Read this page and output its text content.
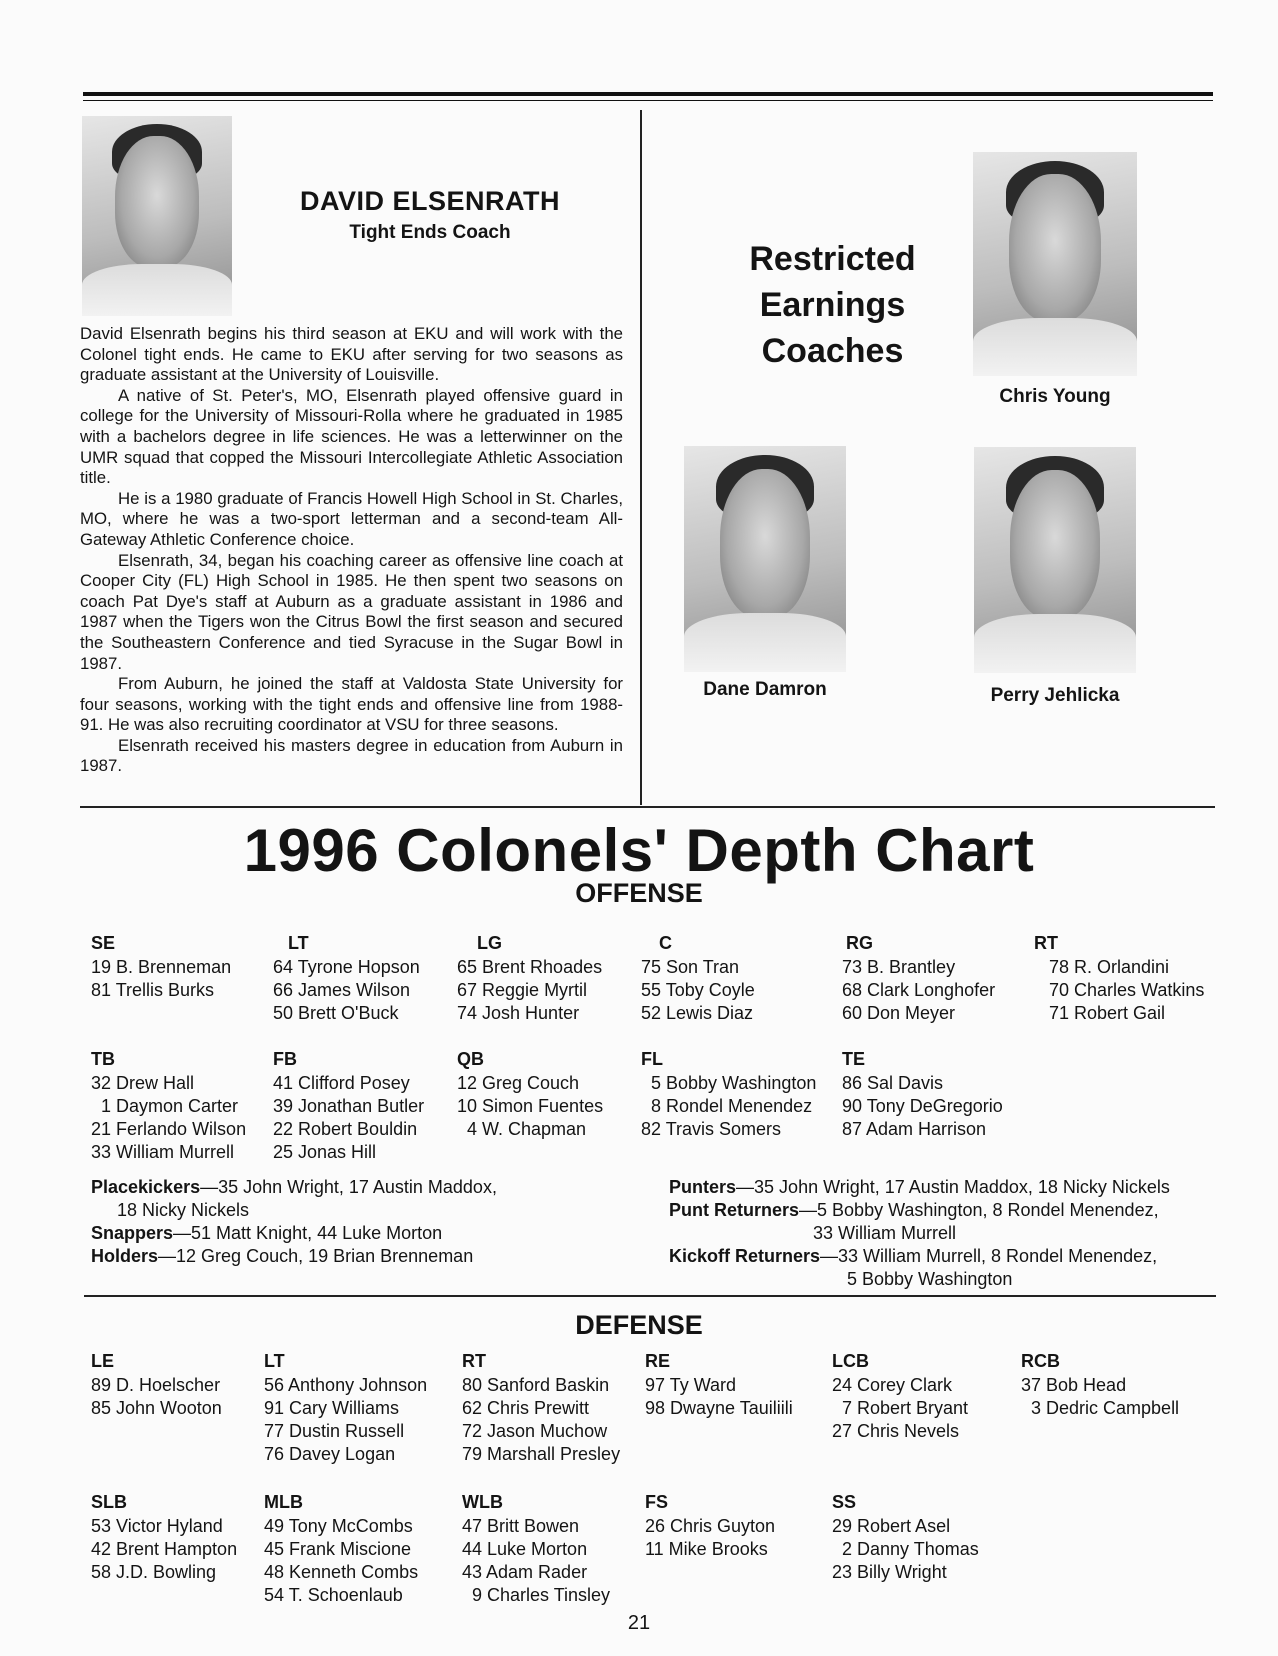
DAVID ELSENRATH
Tight Ends Coach

David Elsenrath begins his third season at EKU and will work with the Colonel tight ends. He came to EKU after serving for two seasons as graduate assistant at the University of Louisville.

A native of St. Peter's, MO, Elsenrath played offensive guard in college for the University of Missouri-Rolla where he graduated in 1985 with a bachelors degree in life sciences. He was a letterwinner on the UMR squad that copped the Missouri Intercollegiate Athletic Association title.

He is a 1980 graduate of Francis Howell High School in St. Charles, MO, where he was a two-sport letterman and a second-team All-Gateway Athletic Conference choice.

Elsenrath, 34, began his coaching career as offensive line coach at Cooper City (FL) High School in 1985. He then spent two seasons on coach Pat Dye's staff at Auburn as a graduate assistant in 1986 and 1987 when the Tigers won the Citrus Bowl the first season and secured the Southeastern Conference and tied Syracuse in the Sugar Bowl in 1987.

From Auburn, he joined the staff at Valdosta State University for four seasons, working with the tight ends and offensive line from 1988-91. He was also recruiting coordinator at VSU for three seasons.

Elsenrath received his masters degree in education from Auburn in 1987.

Restricted Earnings Coaches
Chris Young
Dane Damron	Perry Jehlicka
1996 Colonels' Depth Chart
OFFENSE
SE
19 B. Brenneman
81 Trellis Burks
LT
64 Tyrone Hopson
66 James Wilson
50 Brett O'Buck
LG
65 Brent Rhoades
67 Reggie Myrtil
74 Josh Hunter
C
75 Son Tran
55 Toby Coyle
52 Lewis Diaz
RG
73 B. Brantley
68 Clark Longhofer
60 Don Meyer
RT
78 R. Orlandini
70 Charles Watkins
71 Robert Gail
TB
32 Drew Hall
1 Daymon Carter
21 Ferlando Wilson
33 William Murrell
FB
41 Clifford Posey
39 Jonathan Butler
22 Robert Bouldin
25 Jonas Hill
QB
12 Greg Couch
10 Simon Fuentes
4 W. Chapman
FL
5 Bobby Washington
8 Rondel Menendez
82 Travis Somers
TE
86 Sal Davis
90 Tony DeGregorio
87 Adam Harrison
Placekickers—35 John Wright, 17 Austin Maddox,
18 Nicky Nickels
Snappers—51 Matt Knight, 44 Luke Morton
Holders—12 Greg Couch, 19 Brian Brenneman
Punters—35 John Wright, 17 Austin Maddox, 18 Nicky Nickels
Punt Returners—5 Bobby Washington, 8 Rondel Menendez,
33 William Murrell
Kickoff Returners—33 William Murrell, 8 Rondel Menendez,
5 Bobby Washington
DEFENSE
LE
89 D. Hoelscher
85 John Wooton
LT
56 Anthony Johnson
91 Cary Williams
77 Dustin Russell
76 Davey Logan
RT
80 Sanford Baskin
62 Chris Prewitt
72 Jason Muchow
79 Marshall Presley
RE
97 Ty Ward
98 Dwayne Tauiliili
LCB
24 Corey Clark
7 Robert Bryant
27 Chris Nevels
RCB
37 Bob Head
3 Dedric Campbell
SLB
53 Victor Hyland
42 Brent Hampton
58 J.D. Bowling
MLB
49 Tony McCombs
45 Frank Miscione
48 Kenneth Combs
54 T. Schoenlaub
WLB
47 Britt Bowen
44 Luke Morton
43 Adam Rader
9 Charles Tinsley
FS
26 Chris Guyton
11 Mike Brooks
SS
29 Robert Asel
2 Danny Thomas
23 Billy Wright
21
